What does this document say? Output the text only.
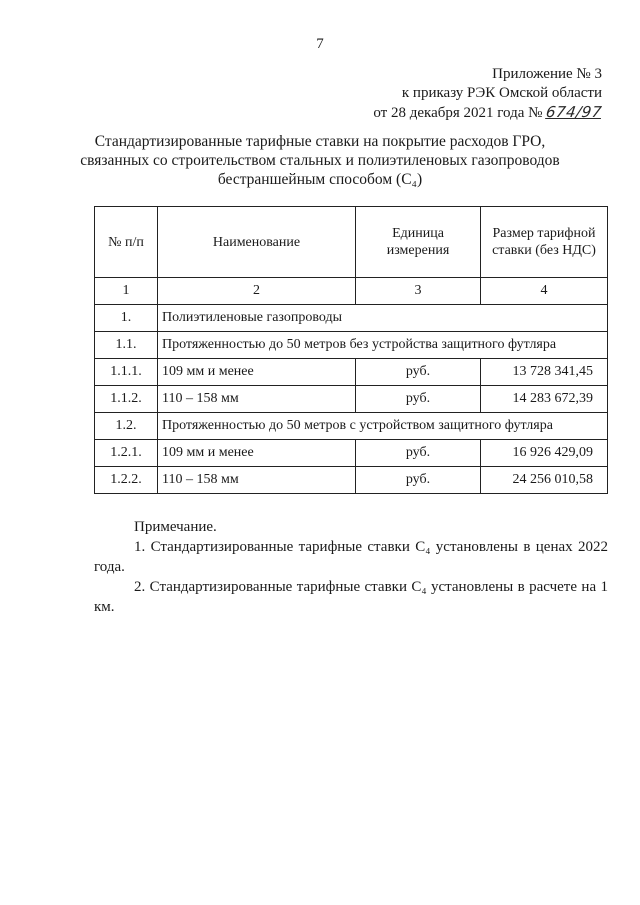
7
Приложение № 3
к приказу РЭК Омской области
от 28 декабря 2021 года № 674/97
Стандартизированные тарифные ставки на покрытие расходов ГРО,
связанных со строительством стальных и полиэтиленовых газопроводов
бестраншейным способом (С₄)
№ п/п	Наименование	Единица измерения	Размер тарифной ставки (без НДС)
1	2	3	4
1.	Полиэтиленовые газопроводы		
1.1.	Протяженностью до 50 метров без устройства защитного футляра		
1.1.1.	109 мм и менее	руб.	13 728 341,45
1.1.2.	110 – 158 мм	руб.	14 283 672,39
1.2.	Протяженностью до 50 метров с устройством защитного футляра		
1.2.1.	109 мм и менее	руб.	16 926 429,09
1.2.2.	110 – 158 мм	руб.	24 256 010,58

Примечание.

1. Стандартизированные тарифные ставки С₄ установлены в ценах 2022 года.

2. Стандартизированные тарифные ставки С₄ установлены в расчете на 1 км.
